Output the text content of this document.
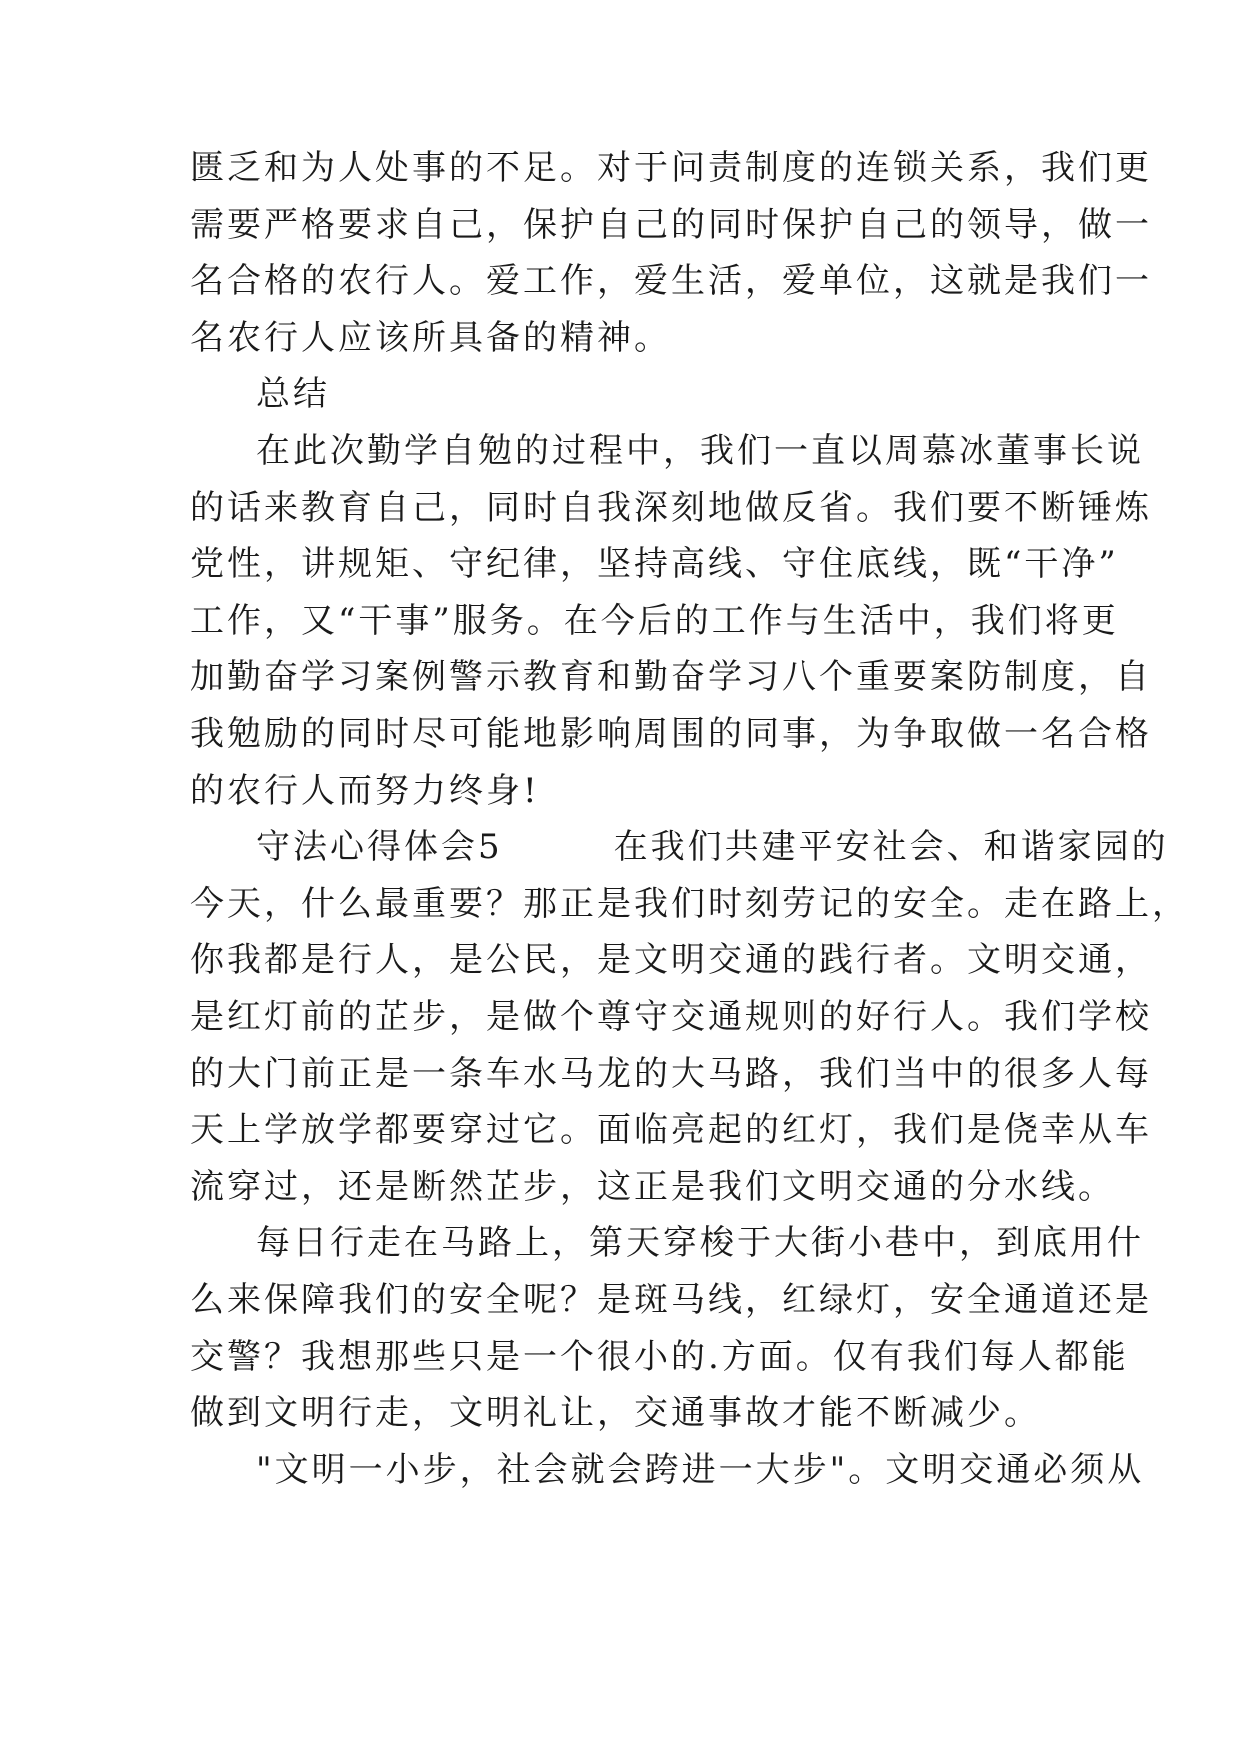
匮乏和为人处事的不足。对于问责制度的连锁关系，我们更
需要严格要求自己，保护自己的同时保护自己的领导，做一
名合格的农行人。爱工作，爱生活，爱单位，这就是我们一
名农行人应该所具备的精神。
总结
在此次勤学自勉的过程中，我们一直以周慕冰董事长说
的话来教育自己，同时自我深刻地做反省。我们要不断锤炼
党性，讲规矩、守纪律，坚持高线、守住底线，既“干净”
工作，又“干事”服务。在今后的工作与生活中，我们将更
加勤奋学习案例警示教育和勤奋学习八个重要案防制度，自
我勉励的同时尽可能地影响周围的同事，为争取做一名合格
的农行人而努力终身!
守法心得体会5　　　在我们共建平安社会、和谐家园的
今天，什么最重要？那正是我们时刻劳记的安全。走在路上，
你我都是行人，是公民，是文明交通的践行者。文明交通，
是红灯前的芷步，是做个尊守交通规则的好行人。我们学校
的大门前正是一条车水马龙的大马路，我们当中的很多人每
天上学放学都要穿过它。面临亮起的红灯，我们是侥幸从车
流穿过，还是断然芷步，这正是我们文明交通的分水线。
每日行走在马路上，第天穿梭于大街小巷中，到底用什
么来保障我们的安全呢？是斑马线，红绿灯，安全通道还是
交警？我想那些只是一个很小的.方面。仅有我们每人都能
做到文明行走，文明礼让，交通事故才能不断减少。
"文明一小步，社会就会跨进一大步"。文明交通必须从
